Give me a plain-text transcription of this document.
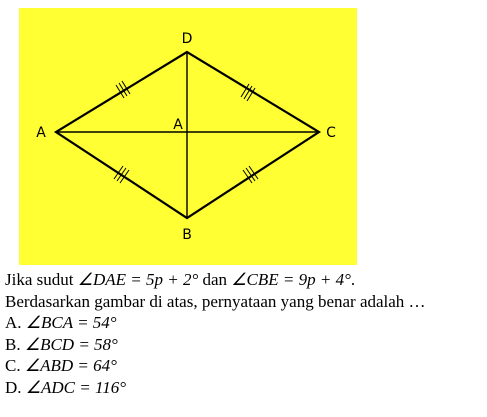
D
A	A	C
B
Jika sudut ∠DAE = 5p + 2° dan ∠CBE = 9p + 4°.
Berdasarkan gambar di atas, pernyataan yang benar adalah …
A. ∠BCA = 54°
B. ∠BCD = 58°
C. ∠ABD = 64°
D. ∠ADC = 116°
